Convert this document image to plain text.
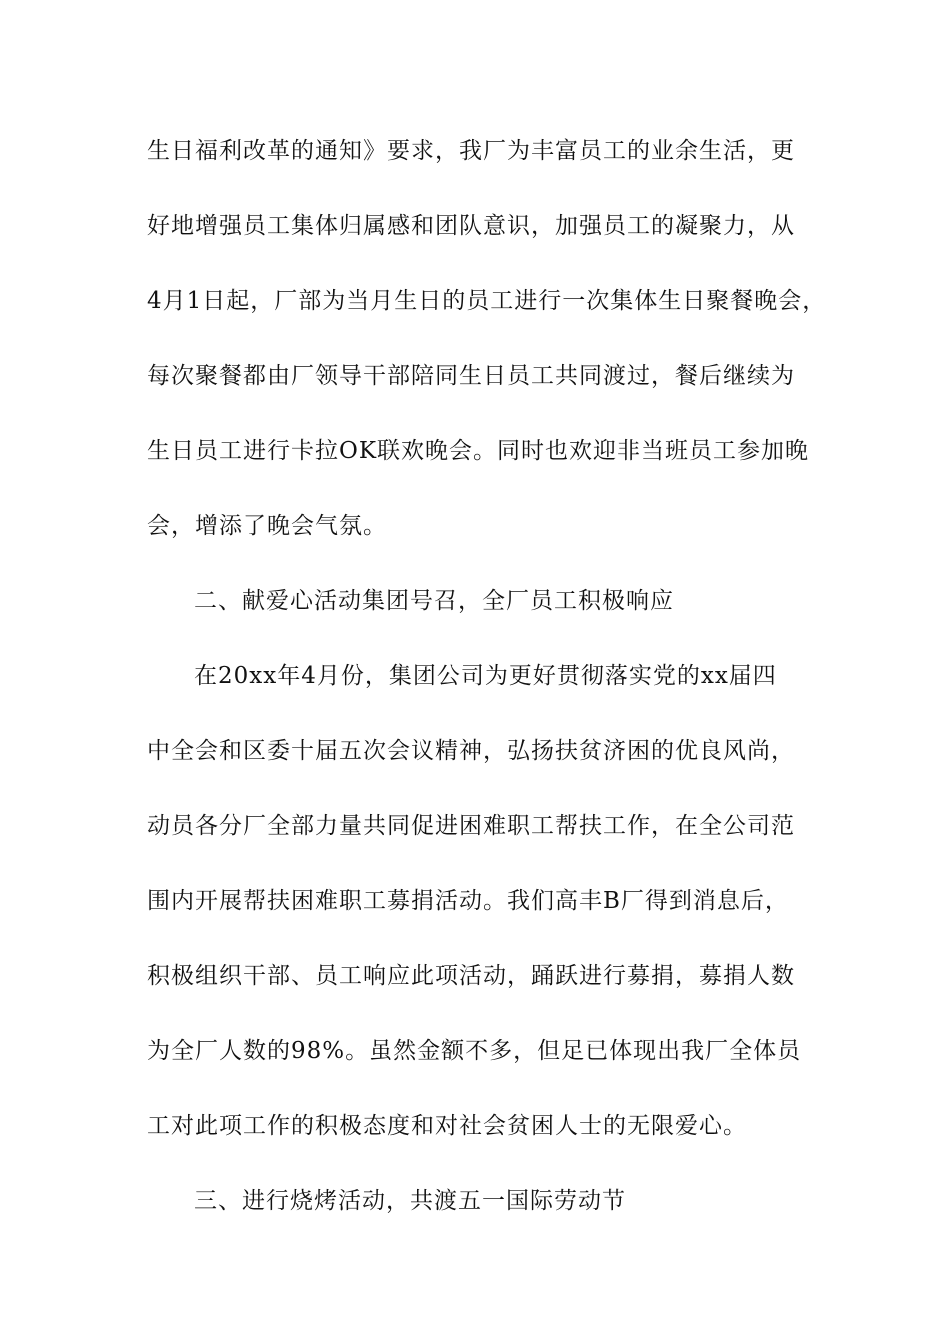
生日福利改革的通知》要求，我厂为丰富员工的业余生活，更
好地增强员工集体归属感和团队意识，加强员工的凝聚力，从
4月1日起，厂部为当月生日的员工进行一次集体生日聚餐晚会，
每次聚餐都由厂领导干部陪同生日员工共同渡过，餐后继续为
生日员工进行卡拉OK联欢晚会。同时也欢迎非当班员工参加晚
会，增添了晚会气氛。
二、献爱心活动集团号召，全厂员工积极响应
在20xx年4月份，集团公司为更好贯彻落实党的xx届四
中全会和区委十届五次会议精神，弘扬扶贫济困的优良风尚，
动员各分厂全部力量共同促进困难职工帮扶工作，在全公司范
围内开展帮扶困难职工募捐活动。我们高丰B厂得到消息后，
积极组织干部、员工响应此项活动，踊跃进行募捐，募捐人数
为全厂人数的98%。虽然金额不多，但足已体现出我厂全体员
工对此项工作的积极态度和对社会贫困人士的无限爱心。
三、进行烧烤活动，共渡五一国际劳动节
